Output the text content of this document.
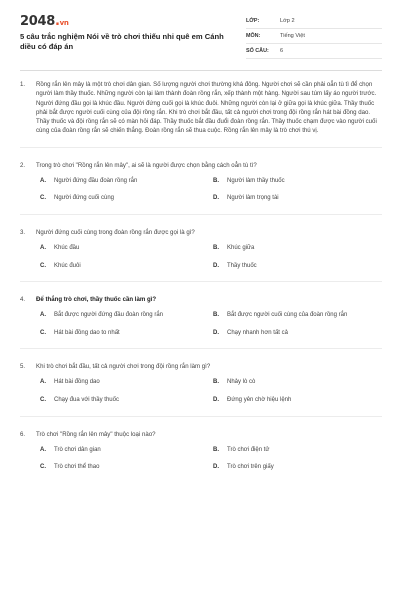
2048.vn
5 câu trắc nghiệm Nói về trò chơi thiếu nhi quê em Cánh diều có đáp án
LỚP:	Lớp 2
MÔN:	Tiếng Việt
SỐ CÂU:	6
1.	Rồng rắn lên mây là một trò chơi dân gian. Số lượng người chơi thường khá đông. Người chơi sẽ cần phải oẳn tù tì để chọn người làm thầy thuốc. Những người còn lại làm thành đoàn rồng rắn, xếp thành một hàng. Người sau túm lấy áo người trước. Người đứng đầu gọi là khúc đầu. Người đứng cuối gọi là khúc đuôi. Những người còn lại ở giữa gọi là khúc giữa. Thầy thuốc phải bắt được người cuối cùng của đội rồng rắn. Khi trò chơi bắt đầu, tất cả người chơi trong đội rồng rắn hát bài đồng dao. Thầy thuốc và đội rồng rắn sẽ có màn hỏi đáp. Thầy thuốc bắt đầu đuổi đoàn rồng rắn. Thầy thuốc chạm được vào người cuối cùng của đoàn rồng rắn sẽ chiến thắng. Đoàn rồng rắn sẽ thua cuộc. Rồng rắn lên mây là trò chơi thú vị.
2.	Trong trò chơi "Rồng rắn lên mây", ai sẽ là người được chọn bằng cách oẳn tù tì?
A.	Người đứng đầu đoàn rồng rắn	B.	Người làm thầy thuốc
C.	Người đứng cuối cùng	D.	Người làm trọng tài
3.	Người đứng cuối cùng trong đoàn rồng rắn được gọi là gì?
A.	Khúc đầu	B.	Khúc giữa
C.	Khúc đuôi	D.	Thầy thuốc
4.	Để thắng trò chơi, thầy thuốc cần làm gì?
A.	Bắt được người đứng đầu đoàn rồng rắn	B.	Bắt được người cuối cùng của đoàn rồng rắn
C.	Hát bài đồng dao to nhất	D.	Chạy nhanh hơn tất cả
5.	Khi trò chơi bắt đầu, tất cả người chơi trong đội rồng rắn làm gì?
A.	Hát bài đồng dao	B.	Nhảy lò cò
C.	Chạy đua với thầy thuốc	D.	Đứng yên chờ hiệu lệnh
6.	Trò chơi "Rồng rắn lên mây" thuộc loại nào?
A.	Trò chơi dân gian	B.	Trò chơi điện tử
C.	Trò chơi thể thao	D.	Trò chơi trên giấy
